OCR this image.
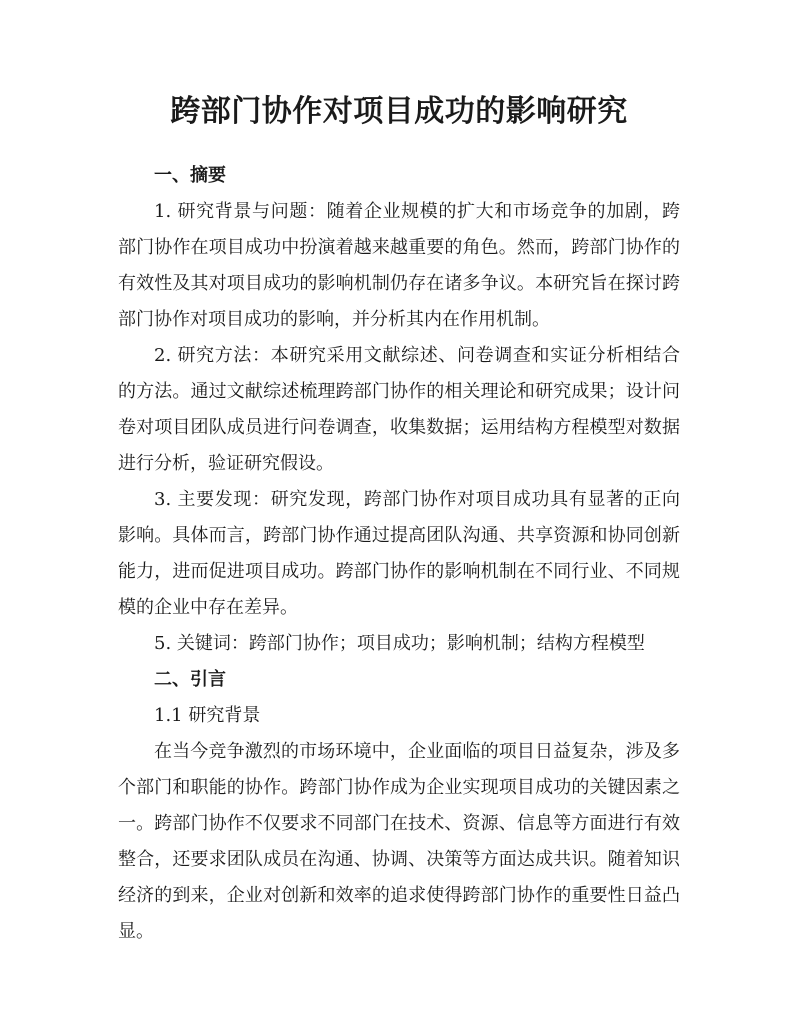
跨部门协作对项目成功的影响研究
一、摘要

1. 研究背景与问题：随着企业规模的扩大和市场竞争的加剧，跨部门协作在项目成功中扮演着越来越重要的角色。然而，跨部门协作的有效性及其对项目成功的影响机制仍存在诸多争议。本研究旨在探讨跨部门协作对项目成功的影响，并分析其内在作用机制。

2. 研究方法：本研究采用文献综述、问卷调查和实证分析相结合的方法。通过文献综述梳理跨部门协作的相关理论和研究成果；设计问卷对项目团队成员进行问卷调查，收集数据；运用结构方程模型对数据进行分析，验证研究假设。

3. 主要发现：研究发现，跨部门协作对项目成功具有显著的正向影响。具体而言，跨部门协作通过提高团队沟通、共享资源和协同创新能力，进而促进项目成功。跨部门协作的影响机制在不同行业、不同规模的企业中存在差异。

5. 关键词：跨部门协作；项目成功；影响机制；结构方程模型

二、引言

1.1 研究背景

在当今竞争激烈的市场环境中，企业面临的项目日益复杂，涉及多个部门和职能的协作。跨部门协作成为企业实现项目成功的关键因素之一。跨部门协作不仅要求不同部门在技术、资源、信息等方面进行有效整合，还要求团队成员在沟通、协调、决策等方面达成共识。随着知识经济的到来，企业对创新和效率的追求使得跨部门协作的重要性日益凸显。
